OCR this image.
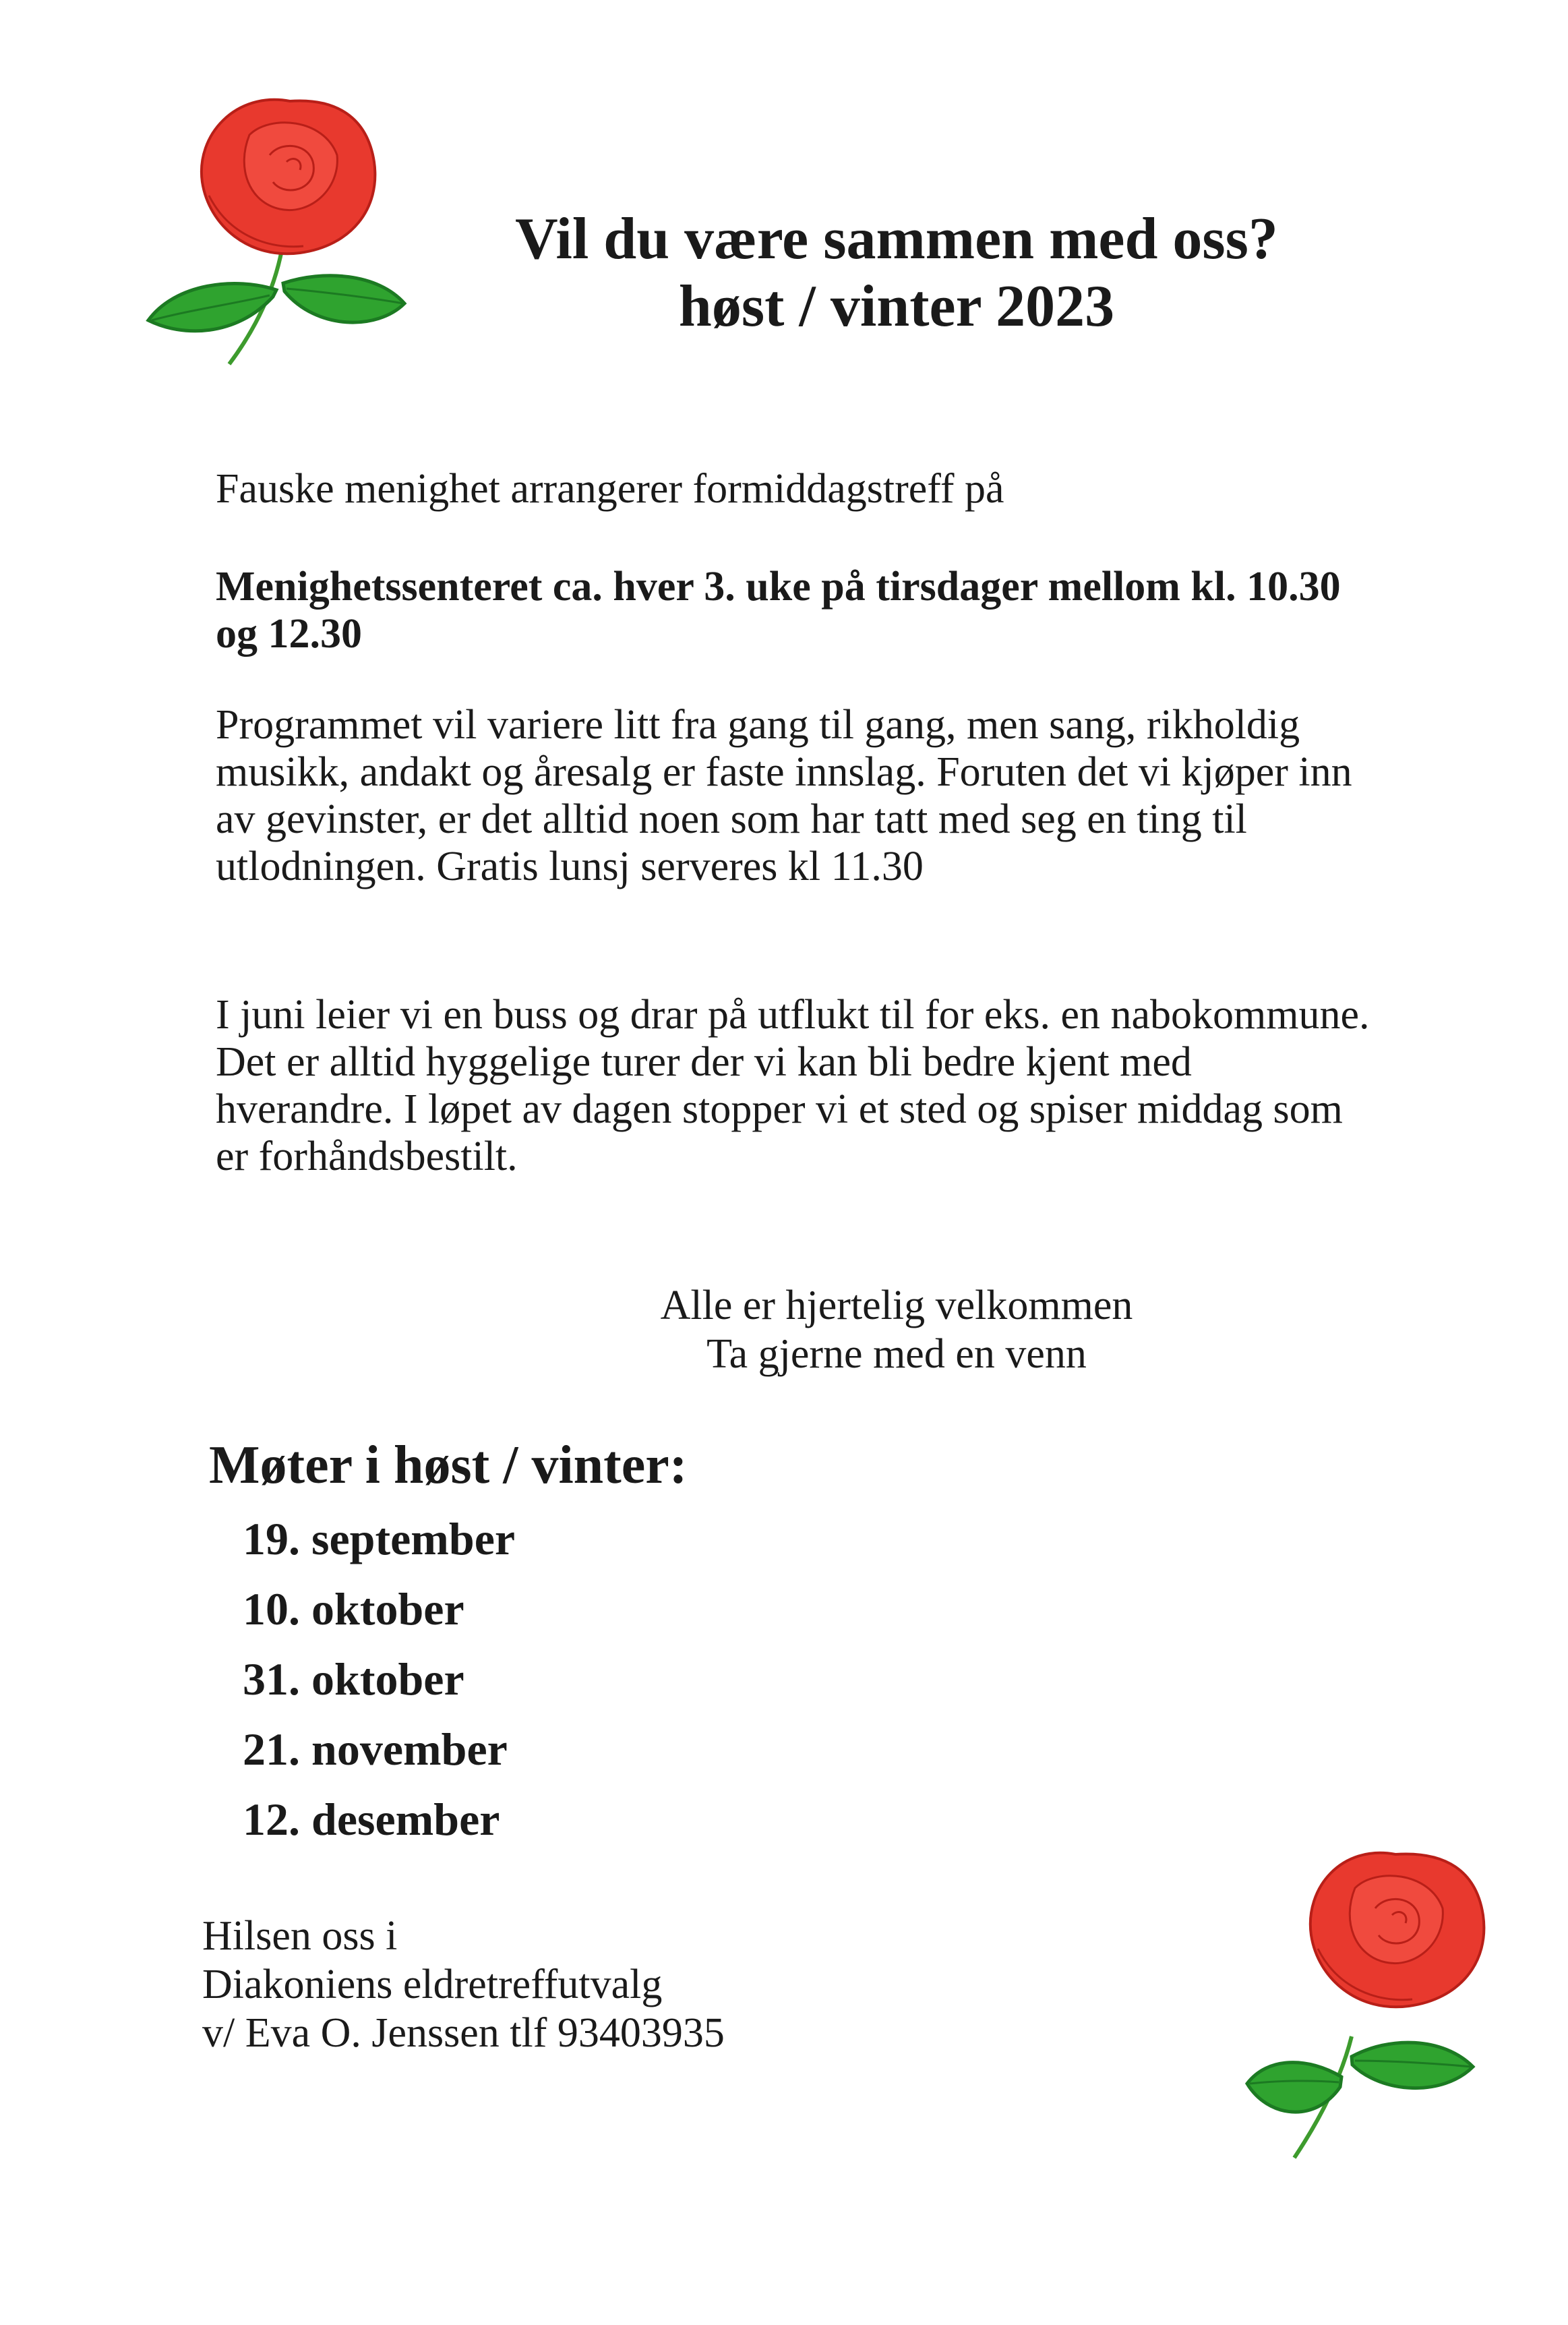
Vil du være sammen med oss?
høst / vinter 2023

Fauske menighet arrangerer formiddagstreff på

Menighetssenteret ca. hver 3. uke på tirsdager mellom kl. 10.30 og 12.30

Programmet vil variere litt fra gang til gang, men sang, rikholdig musikk, andakt og åresalg er faste innslag. Foruten det vi kjøper inn av gevinster, er det alltid noen som har tatt med seg en ting til utlodningen. Gratis lunsj serveres kl 11.30

I juni leier vi en buss og drar på utflukt til for eks. en nabokommune. Det er alltid hyggelige turer der vi kan bli bedre kjent med hverandre. I løpet av dagen stopper vi et sted og spiser middag som er forhåndsbestilt.

Alle er hjertelig velkommen
Ta gjerne med en venn
Møter i høst / vinter:
19. september
10. oktober
31. oktober
21. november
12. desember
Hilsen oss i
Diakoniens eldretreffutvalg
v/ Eva O. Jenssen tlf 93403935
